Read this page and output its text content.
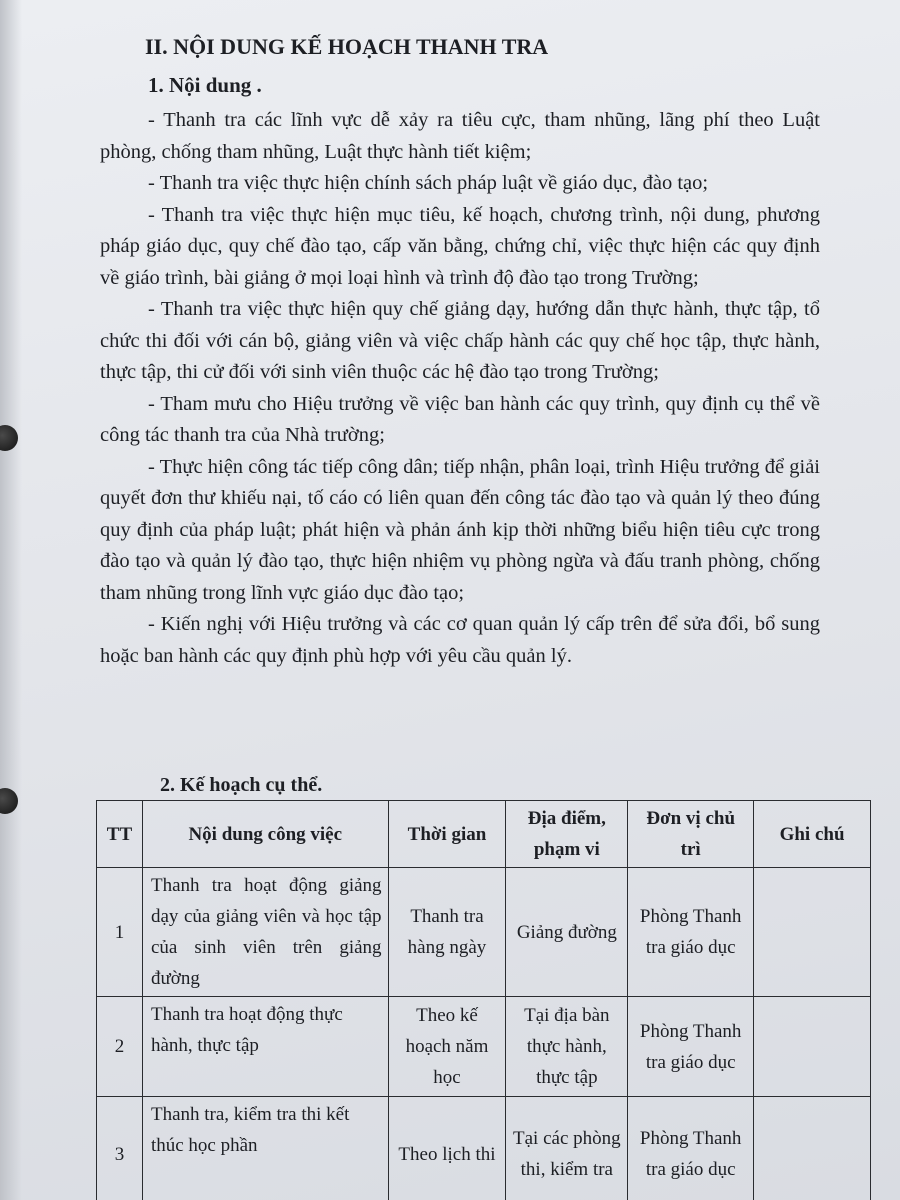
II. NỘI DUNG KẾ HOẠCH THANH TRA
1. Nội dung .

- Thanh tra các lĩnh vực dễ xảy ra tiêu cực, tham nhũng, lãng phí theo Luật phòng, chống tham nhũng, Luật thực hành tiết kiệm;

- Thanh tra việc thực hiện chính sách pháp luật về giáo dục, đào tạo;

- Thanh tra việc thực hiện mục tiêu, kế hoạch, chương trình, nội dung, phương pháp giáo dục, quy chế đào tạo, cấp văn bằng, chứng chỉ, việc thực hiện các quy định về giáo trình, bài giảng ở mọi loại hình và trình độ đào tạo trong Trường;

- Thanh tra việc thực hiện quy chế giảng dạy, hướng dẫn thực hành, thực tập, tổ chức thi đối với cán bộ, giảng viên và việc chấp hành các quy chế học tập, thực hành, thực tập, thi cử đối với sinh viên thuộc các hệ đào tạo trong Trường;

- Tham mưu cho Hiệu trưởng về việc ban hành các quy trình, quy định cụ thể về công tác thanh tra của Nhà trường;

- Thực hiện công tác tiếp công dân; tiếp nhận, phân loại, trình Hiệu trưởng để giải quyết đơn thư khiếu nại, tố cáo có liên quan đến công tác đào tạo và quản lý theo đúng quy định của pháp luật; phát hiện và phản ánh kịp thời những biểu hiện tiêu cực trong đào tạo và quản lý đào tạo, thực hiện nhiệm vụ phòng ngừa và đấu tranh phòng, chống tham nhũng trong lĩnh vực giáo dục đào tạo;

- Kiến nghị với Hiệu trưởng và các cơ quan quản lý cấp trên để sửa đổi, bổ sung hoặc ban hành các quy định phù hợp với yêu cầu quản lý.

2. Kế hoạch cụ thể.
TT	Nội dung công việc	Thời gian	Địa điểm, phạm vi	Đơn vị chủ trì	Ghi chú
1	Thanh tra hoạt động giảng dạy của giảng viên và học tập của sinh viên trên giảng đường	Thanh tra hàng ngày	Giảng đường	Phòng Thanh tra giáo dục	
2	Thanh tra hoạt động thực hành, thực tập	Theo kế hoạch năm học	Tại địa bàn thực hành, thực tập	Phòng Thanh tra giáo dục	
3	Thanh tra, kiểm tra thi kết thúc học phần	Theo lịch thi	Tại các phòng thi, kiểm tra	Phòng Thanh tra giáo dục	
